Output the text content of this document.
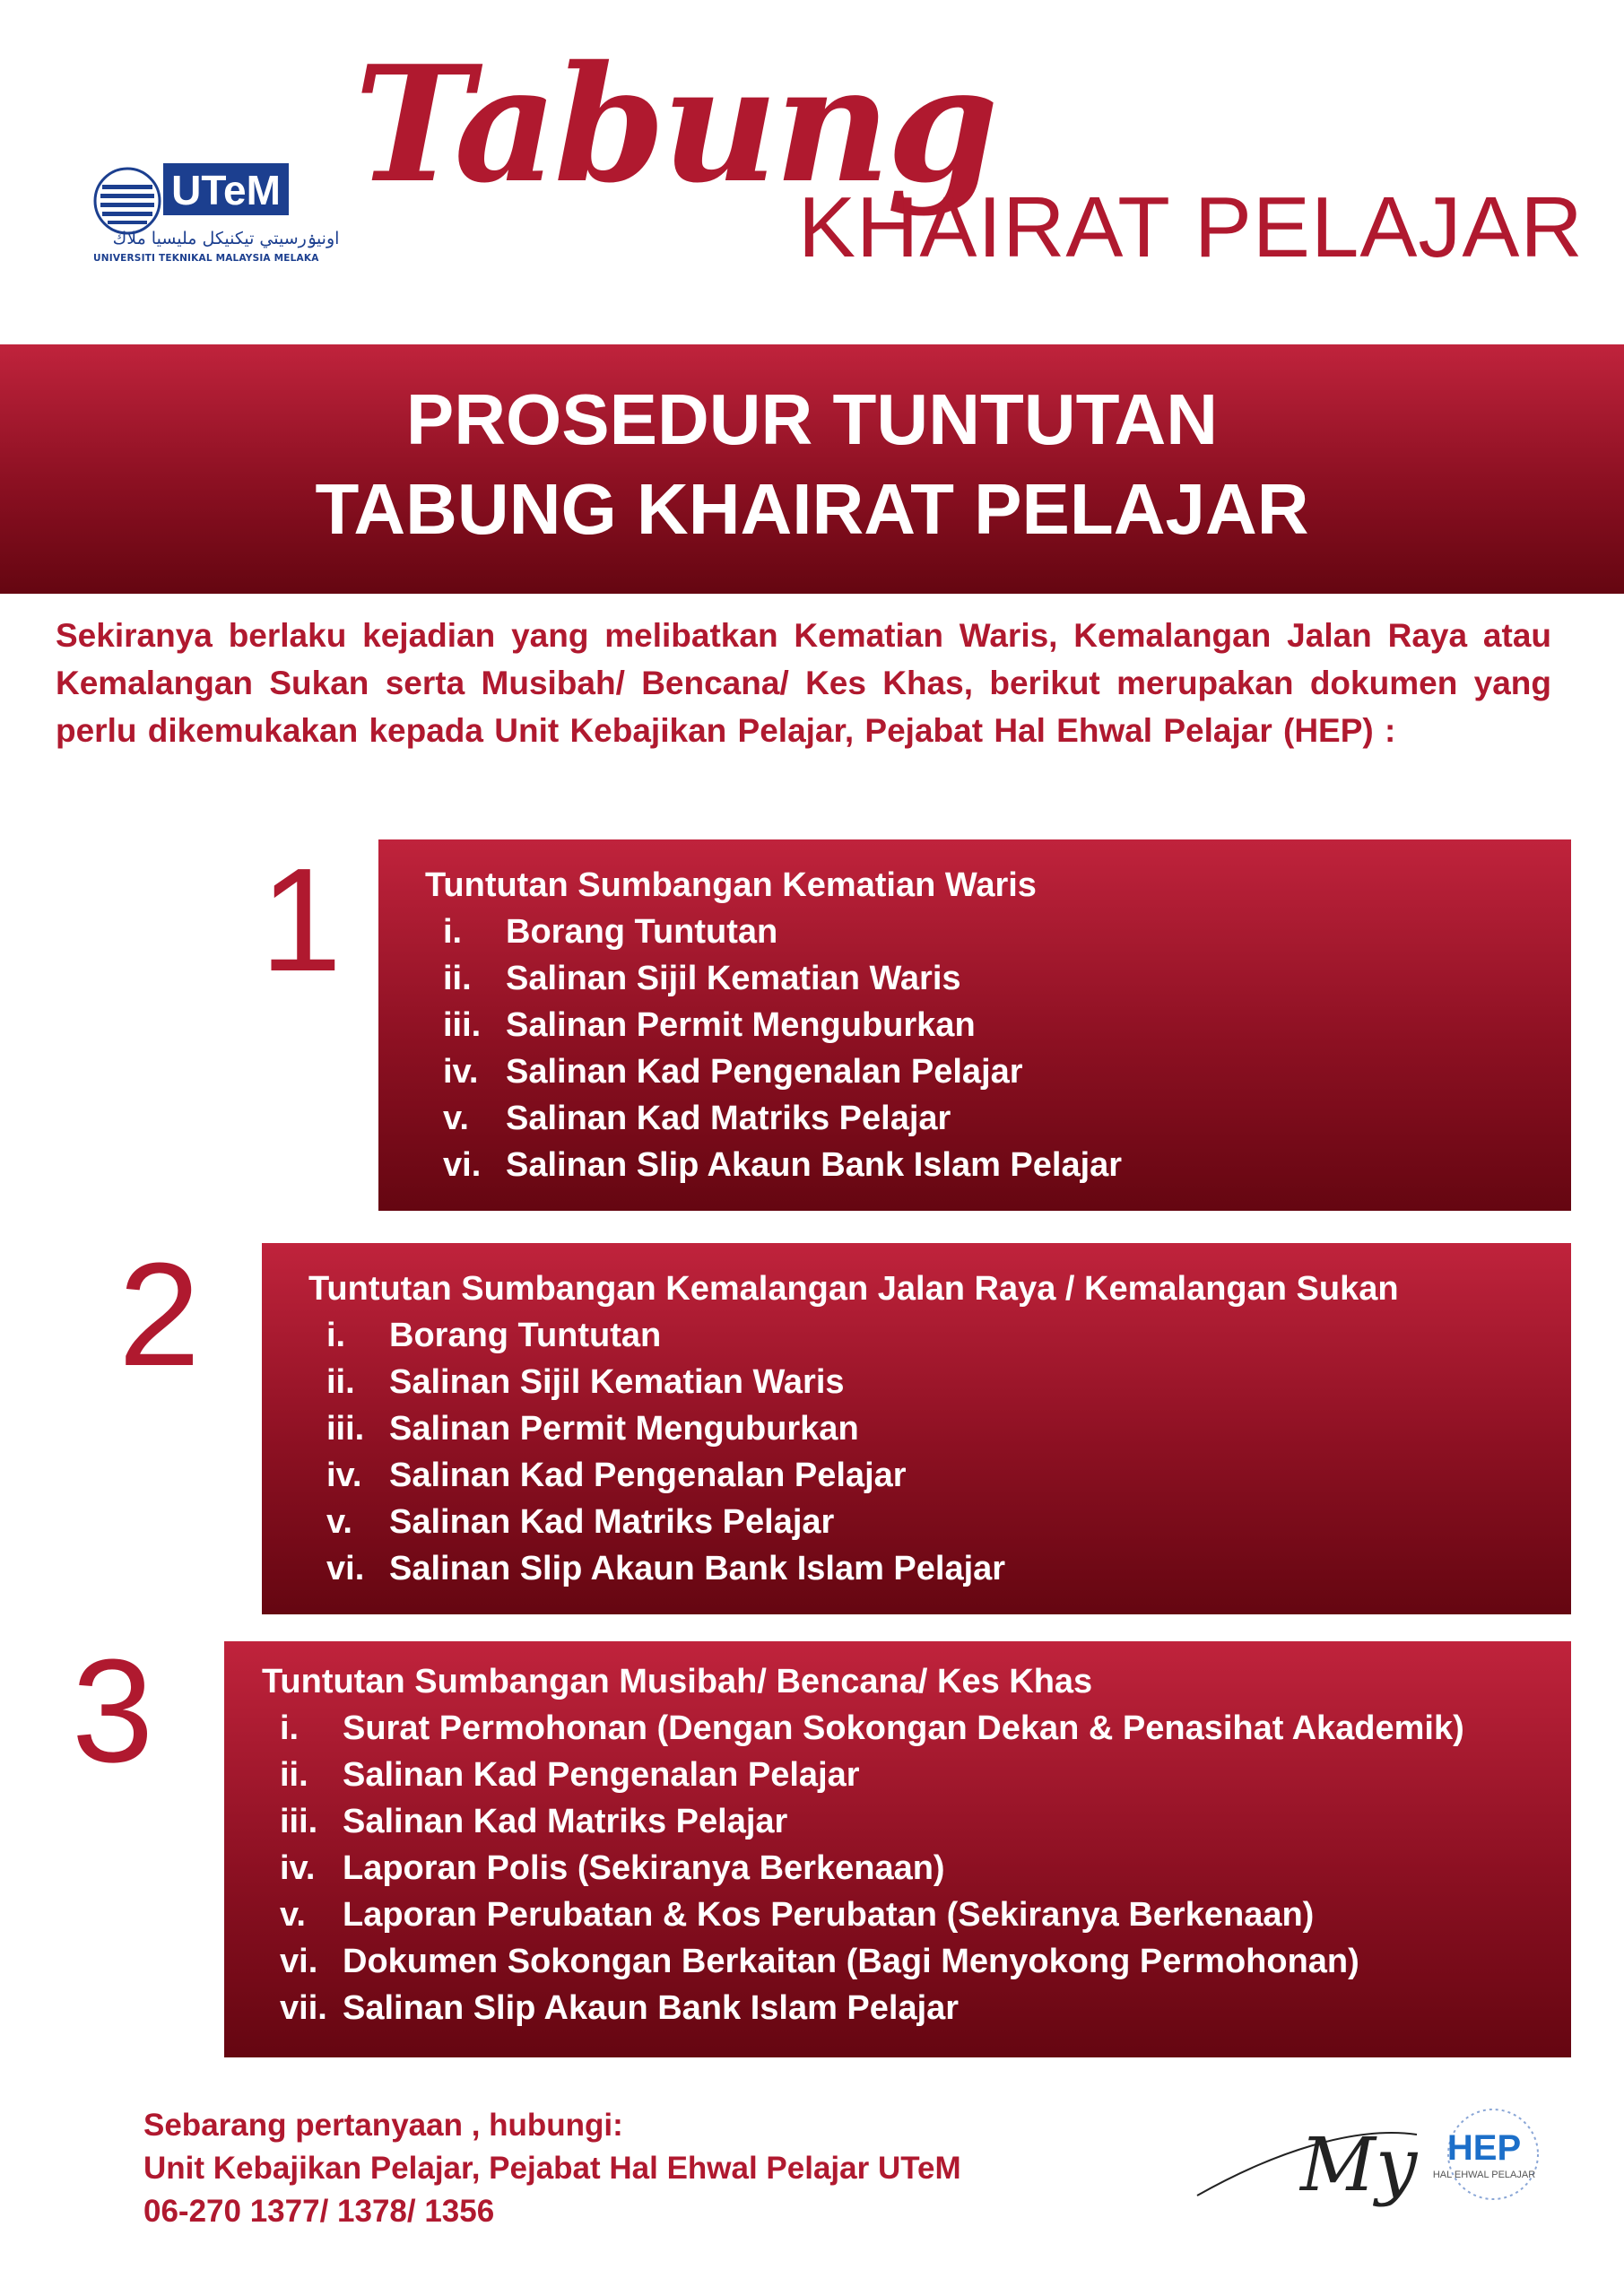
UTeM
اونيۏرسيتي تيكنيكل مليسيا ملاك
UNIVERSITI TEKNIKAL MALAYSIA MELAKA
Tabung
KHAIRAT PELAJAR
PROSEDUR TUNTUTAN
TABUNG KHAIRAT PELAJAR
Sekiranya berlaku kejadian yang melibatkan Kematian Waris, Kemalangan Jalan Raya atau Kemalangan Sukan serta Musibah/ Bencana/ Kes Khas, berikut merupakan dokumen yang perlu dikemukakan kepada Unit Kebajikan Pelajar, Pejabat Hal Ehwal Pelajar (HEP) :
1 Tuntutan Sumbangan Kematian Waris
i. Borang Tuntutan
ii. Salinan Sijil Kematian Waris
iii. Salinan Permit Menguburkan
iv. Salinan Kad Pengenalan Pelajar
v. Salinan Kad Matriks Pelajar
vi. Salinan Slip Akaun Bank Islam Pelajar
2	Tuntutan Sumbangan Kemalangan Jalan Raya / Kemalangan Sukan
i. Borang Tuntutan
ii. Salinan Sijil Kematian Waris
iii. Salinan Permit Menguburkan
iv. Salinan Kad Pengenalan Pelajar
v. Salinan Kad Matriks Pelajar
vi. Salinan Slip Akaun Bank Islam Pelajar
3	Tuntutan Sumbangan Musibah/ Bencana/ Kes Khas
i. Surat Permohonan (Dengan Sokongan Dekan & Penasihat Akademik)
ii. Salinan Kad Pengenalan Pelajar
iii. Salinan Kad Matriks Pelajar
iv. Laporan Polis (Sekiranya Berkenaan)
v. Laporan Perubatan & Kos Perubatan (Sekiranya Berkenaan)
vi. Dokumen Sokongan Berkaitan (Bagi Menyokong Permohonan)
vii. Salinan Slip Akaun Bank Islam Pelajar
Sebarang pertanyaan , hubungi:
Unit Kebajikan Pelajar, Pejabat Hal Ehwal Pelajar UTeM
06-270 1377/ 1378/ 1356
My HEP
HAL EHWAL PELAJAR
